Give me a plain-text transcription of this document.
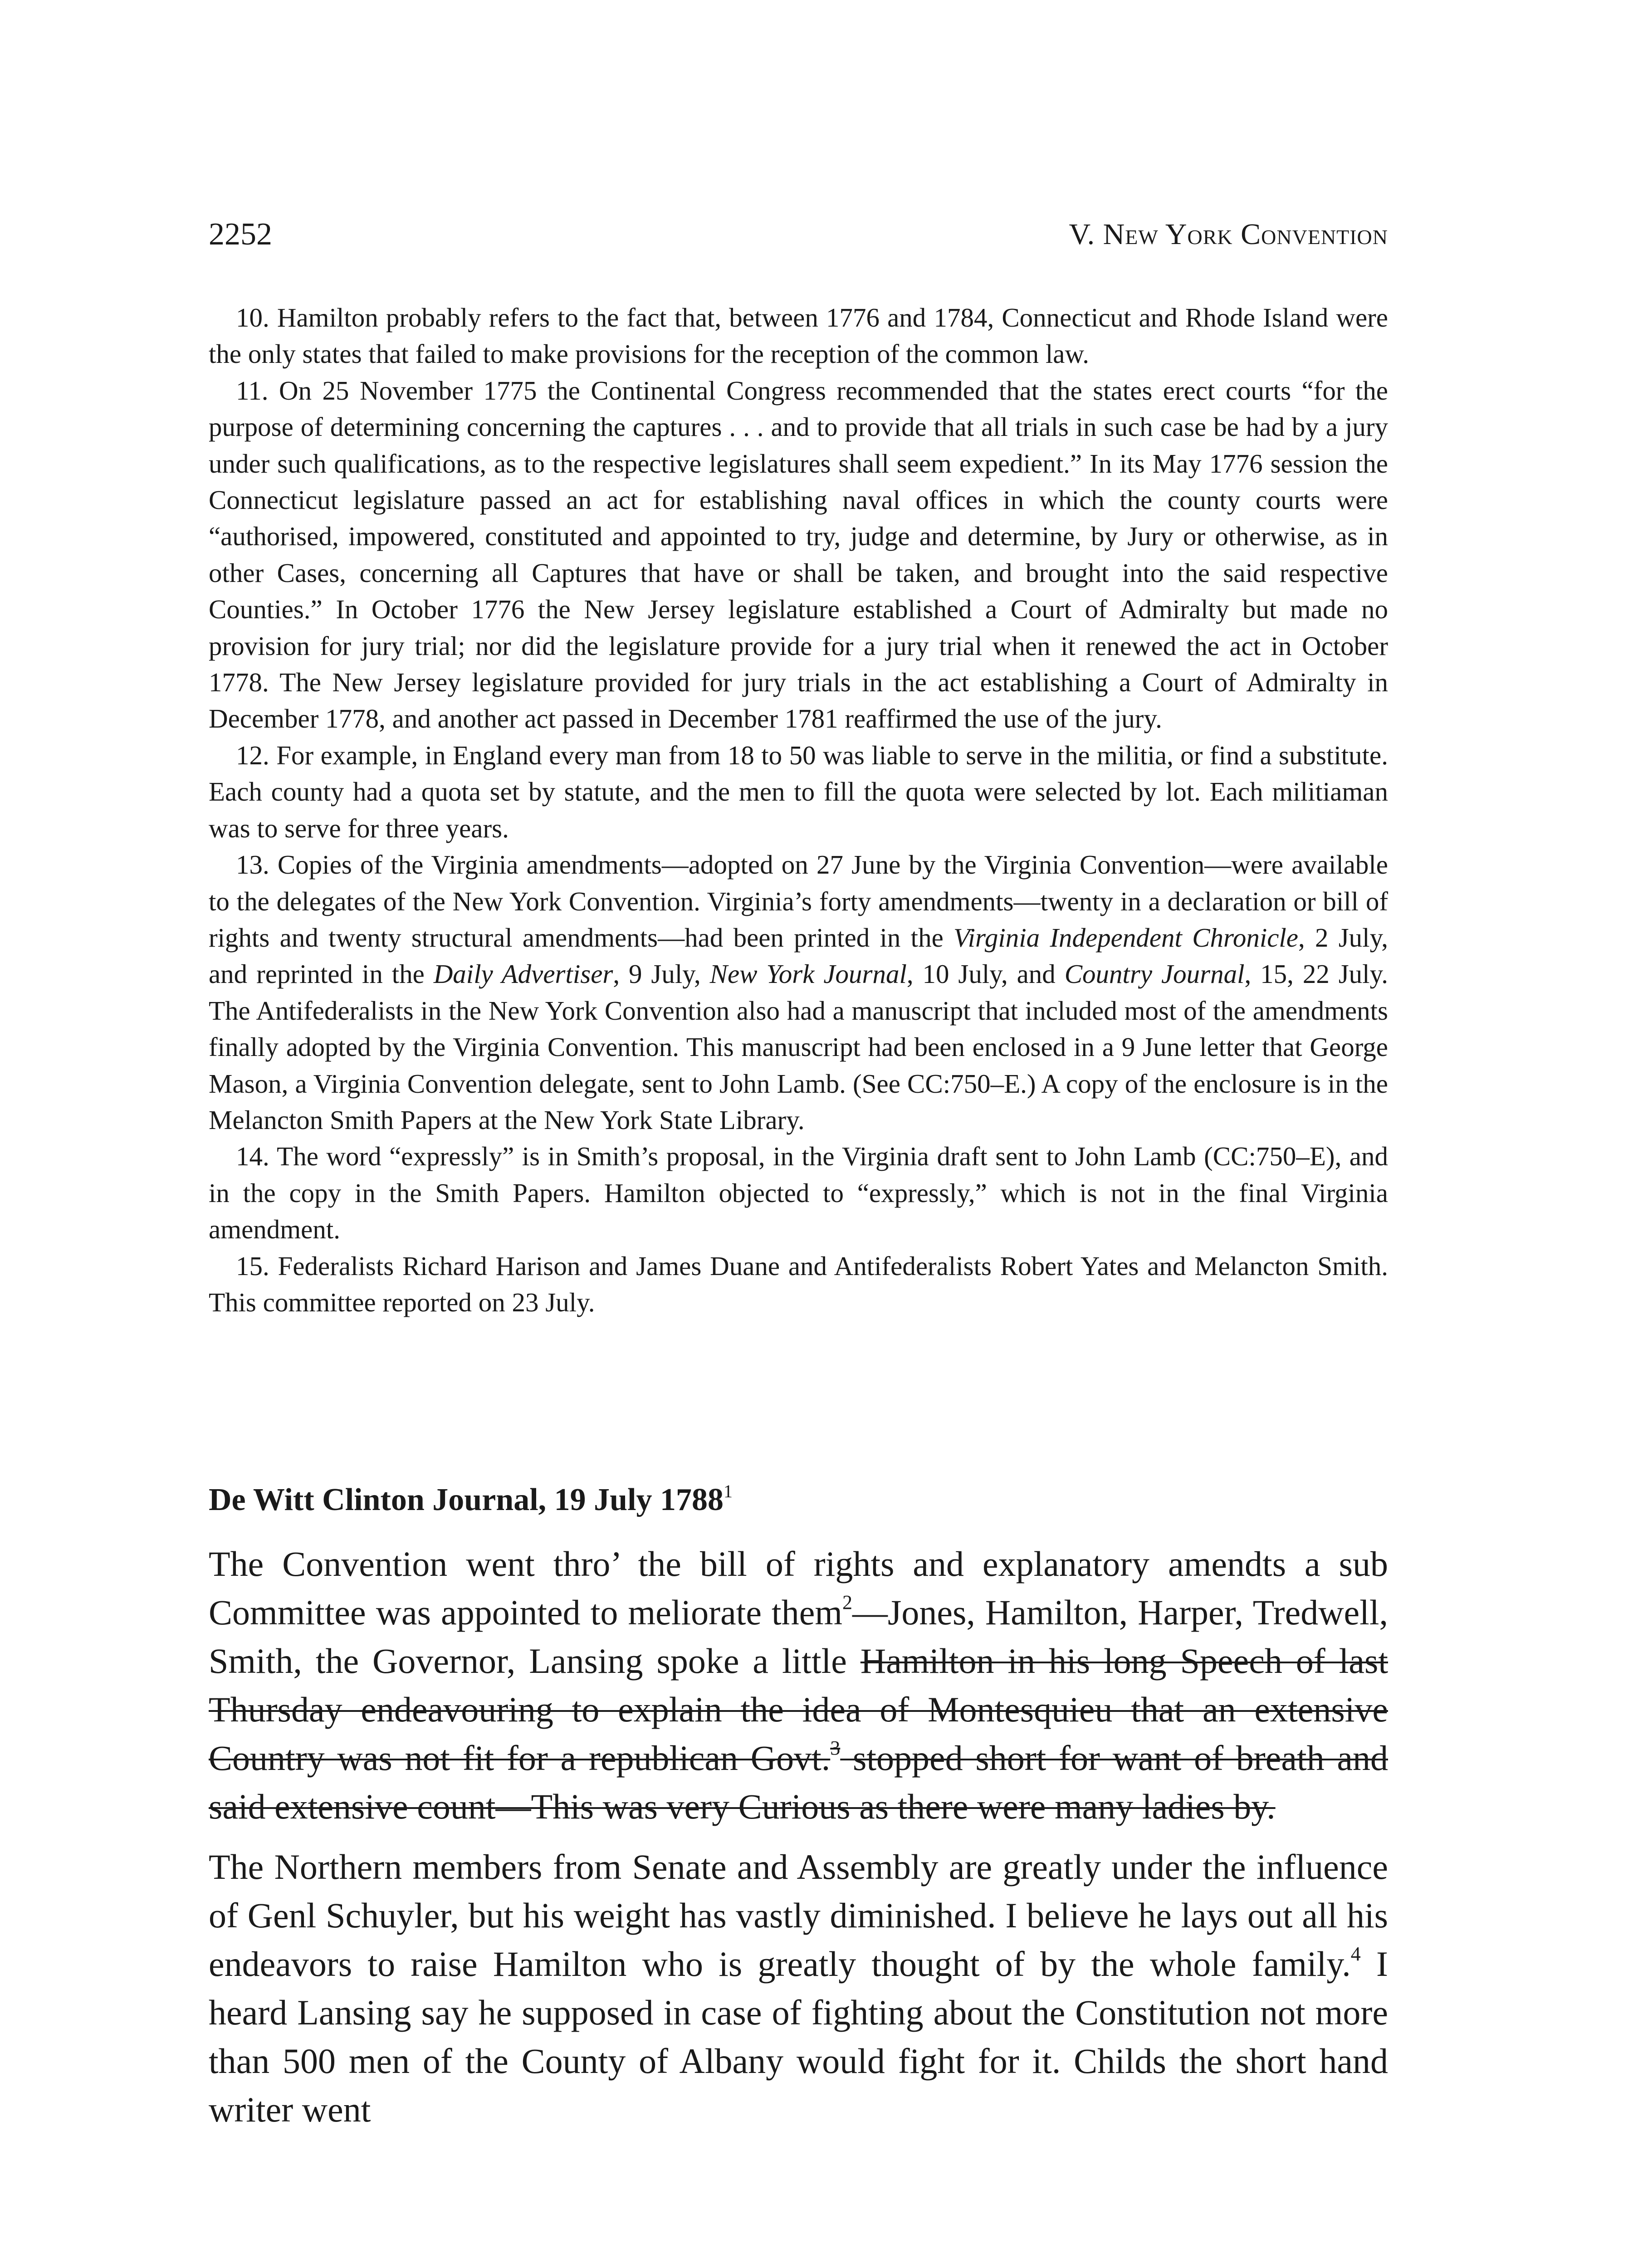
2252	V. New York Convention

10. Hamilton probably refers to the fact that, between 1776 and 1784, Connecticut and Rhode Island were the only states that failed to make provisions for the reception of the common law.

11. On 25 November 1775 the Continental Congress recommended that the states erect courts “for the purpose of determining concerning the captures . . . and to provide that all trials in such case be had by a jury under such qualifications, as to the respective legislatures shall seem expedient.” In its May 1776 session the Connecticut legislature passed an act for establishing naval offices in which the county courts were “authorised, impowered, constituted and appointed to try, judge and determine, by Jury or otherwise, as in other Cases, concerning all Captures that have or shall be taken, and brought into the said respective Counties.” In October 1776 the New Jersey legislature established a Court of Admiralty but made no provision for jury trial; nor did the legislature provide for a jury trial when it renewed the act in October 1778. The New Jersey legislature provided for jury trials in the act establishing a Court of Admiralty in December 1778, and another act passed in December 1781 reaffirmed the use of the jury.

12. For example, in England every man from 18 to 50 was liable to serve in the militia, or find a substitute. Each county had a quota set by statute, and the men to fill the quota were selected by lot. Each militiaman was to serve for three years.

13. Copies of the Virginia amendments—adopted on 27 June by the Virginia Convention—were available to the delegates of the New York Convention. Virginia’s forty amendments—twenty in a declaration or bill of rights and twenty structural amendments—had been printed in the Virginia Independent Chronicle, 2 July, and reprinted in the Daily Advertiser, 9 July, New York Journal, 10 July, and Country Journal, 15, 22 July. The Antifederalists in the New York Convention also had a manuscript that included most of the amendments finally adopted by the Virginia Convention. This manuscript had been enclosed in a 9 June letter that George Mason, a Virginia Convention delegate, sent to John Lamb. (See CC:750–E.) A copy of the enclosure is in the Melancton Smith Papers at the New York State Library.

14. The word “expressly” is in Smith’s proposal, in the Virginia draft sent to John Lamb (CC:750–E), and in the copy in the Smith Papers. Hamilton objected to “expressly,” which is not in the final Virginia amendment.

15. Federalists Richard Harison and James Duane and Antifederalists Robert Yates and Melancton Smith. This committee reported on 23 July.

De Witt Clinton Journal, 19 July 1788$^1$

The Convention went thro’ the bill of rights and explanatory amendts a sub Committee was appointed to meliorate them$^2$—Jones, Hamilton, Harper, Tredwell, Smith, the Governor, Lansing spoke a little Hamilton in his long Speech of last Thursday endeavouring to explain the idea of Montesquieu that an extensive Country was not fit for a republican Govt.$^3$ stopped short for want of breath and said extensive count—This was very Curious as there were many ladies by.

The Northern members from Senate and Assembly are greatly under the influence of Genl Schuyler, but his weight has vastly diminished. I believe he lays out all his endeavors to raise Hamilton who is greatly thought of by the whole family.$^4$ I heard Lansing say he supposed in case of fighting about the Constitution not more than 500 men of the County of Albany would fight for it. Childs the short hand writer went
